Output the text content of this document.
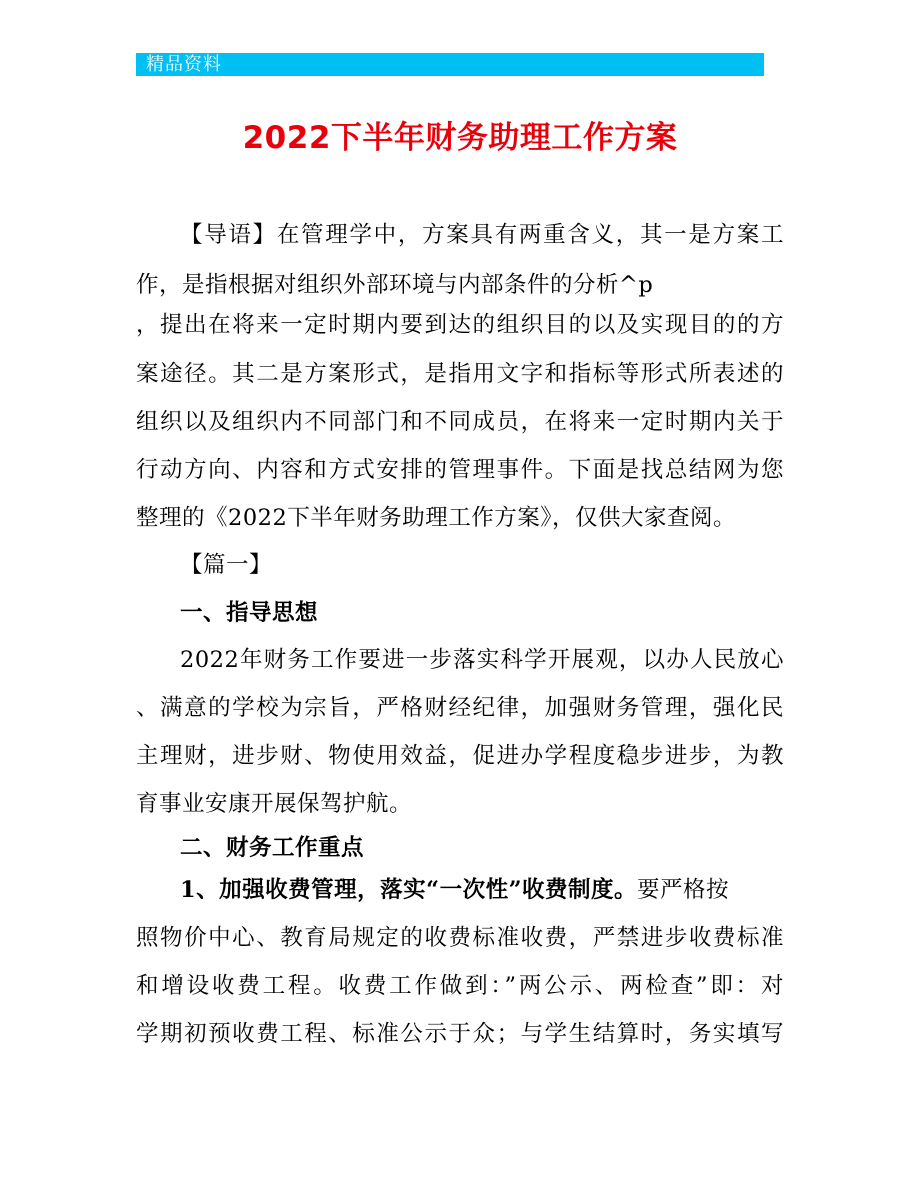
精品资料
2022下半年财务助理工作方案
【导语】在管理学中，方案具有两重含义，其一是方案工
作，是指根据对组织外部环境与内部条件的分析^p
，提出在将来一定时期内要到达的组织目的以及实现目的的方
案途径。其二是方案形式，是指用文字和指标等形式所表述的
组织以及组织内不同部门和不同成员，在将来一定时期内关于
行动方向、内容和方式安排的管理事件。下面是找总结网为您
整理的《2022下半年财务助理工作方案》，仅供大家查阅。
【篇一】
一、指导思想
2022年财务工作要进一步落实科学开展观，以办人民放心
、满意的学校为宗旨，严格财经纪律，加强财务管理，强化民
主理财，进步财、物使用效益，促进办学程度稳步进步，为教
育事业安康开展保驾护航。
二、财务工作重点
1、加强收费管理，落实“一次性”收费制度。要严格按
照物价中心、教育局规定的收费标准收费，严禁进步收费标准
和增设收费工程。收费工作做到：”两公示、两检查”即：对
学期初预收费工程、标准公示于众；与学生结算时，务实填写
